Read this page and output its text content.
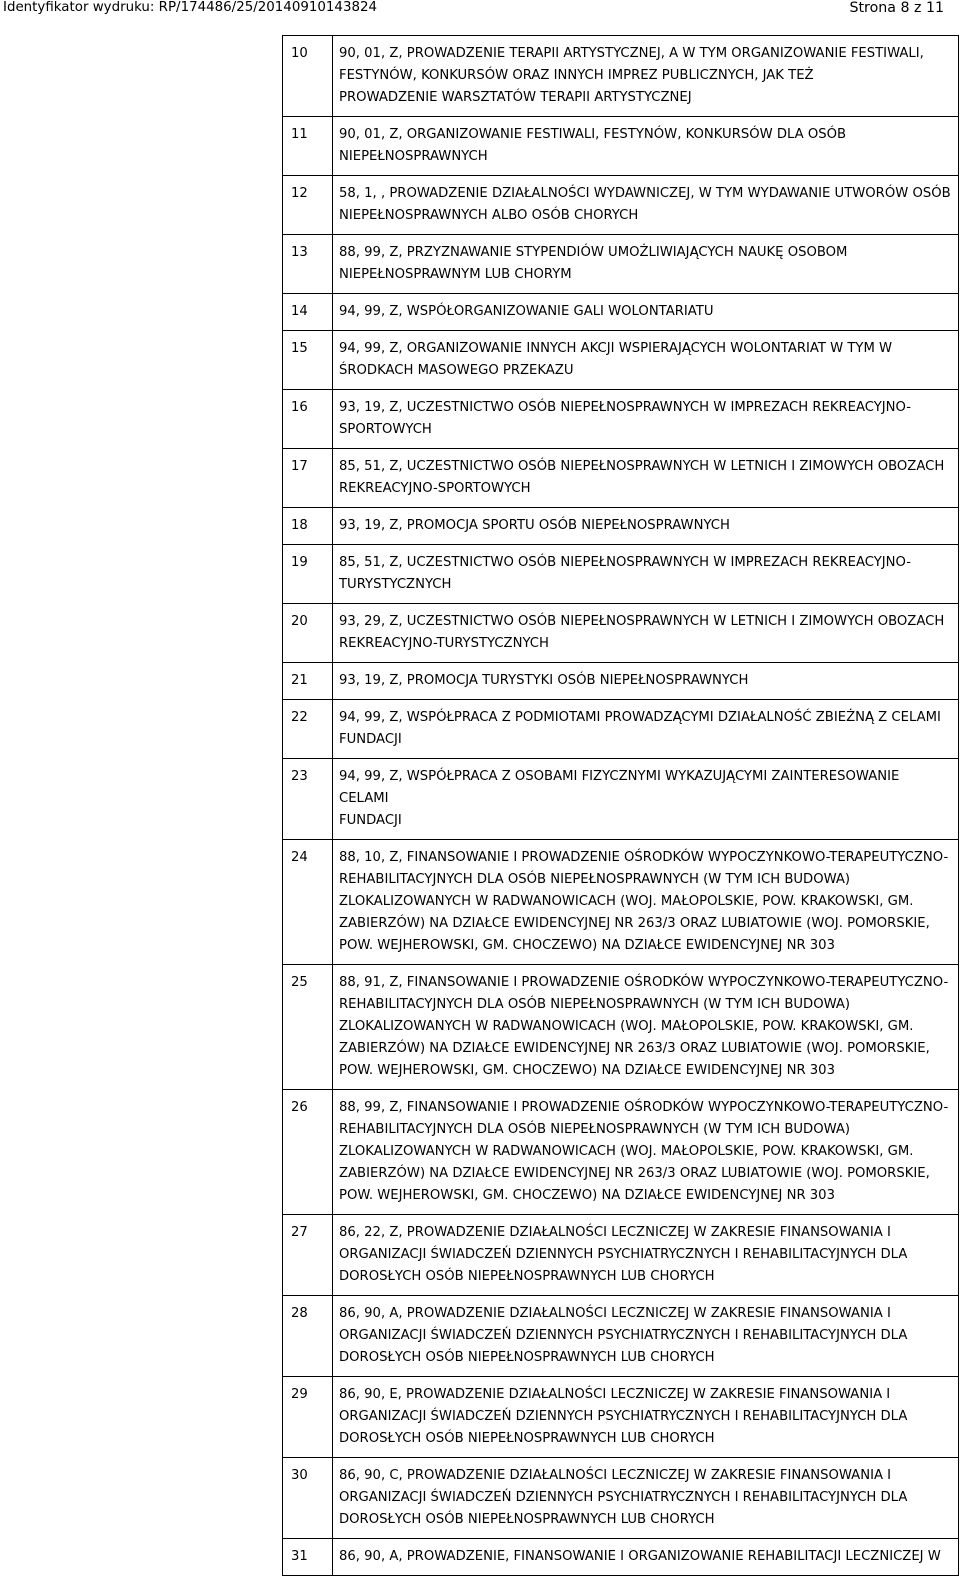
Identyfikator wydruku: RP/174486/25/20140910143824	Strona 8 z 11
10	90, 01, Z, PROWADZENIE TERAPII ARTYSTYCZNEJ, A W TYM ORGANIZOWANIE FESTIWALI,
FESTYNÓW, KONKURSÓW ORAZ INNYCH IMPREZ PUBLICZNYCH, JAK TEŻ
PROWADZENIE WARSZTATÓW TERAPII ARTYSTYCZNEJ

11	90, 01, Z, ORGANIZOWANIE FESTIWALI, FESTYNÓW, KONKURSÓW DLA OSÓB
NIEPEŁNOSPRAWNYCH

12	58, 1, , PROWADZENIE DZIAŁALNOŚCI WYDAWNICZEJ, W TYM WYDAWANIE UTWORÓW OSÓB
NIEPEŁNOSPRAWNYCH ALBO OSÓB CHORYCH

13	88, 99, Z, PRZYZNAWANIE STYPENDIÓW UMOŻLIWIAJĄCYCH NAUKĘ OSOBOM
NIEPEŁNOSPRAWNYM LUB CHORYM

14	94, 99, Z, WSPÓŁORGANIZOWANIE GALI WOLONTARIATU

15	94, 99, Z, ORGANIZOWANIE INNYCH AKCJI WSPIERAJĄCYCH WOLONTARIAT W TYM W
ŚRODKACH MASOWEGO PRZEKAZU

16	93, 19, Z, UCZESTNICTWO OSÓB NIEPEŁNOSPRAWNYCH W IMPREZACH REKREACYJNO-
SPORTOWYCH

17	85, 51, Z, UCZESTNICTWO OSÓB NIEPEŁNOSPRAWNYCH W LETNICH I ZIMOWYCH OBOZACH
REKREACYJNO-SPORTOWYCH

18	93, 19, Z, PROMOCJA SPORTU OSÓB NIEPEŁNOSPRAWNYCH

19	85, 51, Z, UCZESTNICTWO OSÓB NIEPEŁNOSPRAWNYCH W IMPREZACH REKREACYJNO-
TURYSTYCZNYCH

20	93, 29, Z, UCZESTNICTWO OSÓB NIEPEŁNOSPRAWNYCH W LETNICH I ZIMOWYCH OBOZACH
REKREACYJNO-TURYSTYCZNYCH

21	93, 19, Z, PROMOCJA TURYSTYKI OSÓB NIEPEŁNOSPRAWNYCH

22	94, 99, Z, WSPÓŁPRACA Z PODMIOTAMI PROWADZĄCYMI DZIAŁALNOŚĆ ZBIEŻNĄ Z CELAMI
FUNDACJI

23	94, 99, Z, WSPÓŁPRACA Z OSOBAMI FIZYCZNYMI WYKAZUJĄCYMI ZAINTERESOWANIE CELAMI
FUNDACJI

24	88, 10, Z, FINANSOWANIE I PROWADZENIE OŚRODKÓW WYPOCZYNKOWO-TERAPEUTYCZNO-
REHABILITACYJNYCH DLA OSÓB NIEPEŁNOSPRAWNYCH (W TYM ICH BUDOWA)
ZLOKALIZOWANYCH W RADWANOWICACH (WOJ. MAŁOPOLSKIE, POW. KRAKOWSKI, GM.
ZABIERZÓW) NA DZIAŁCE EWIDENCYJNEJ NR 263/3 ORAZ LUBIATOWIE (WOJ. POMORSKIE,
POW. WEJHEROWSKI, GM. CHOCZEWO) NA DZIAŁCE EWIDENCYJNEJ NR 303

25	88, 91, Z, FINANSOWANIE I PROWADZENIE OŚRODKÓW WYPOCZYNKOWO-TERAPEUTYCZNO-
REHABILITACYJNYCH DLA OSÓB NIEPEŁNOSPRAWNYCH (W TYM ICH BUDOWA)
ZLOKALIZOWANYCH W RADWANOWICACH (WOJ. MAŁOPOLSKIE, POW. KRAKOWSKI, GM.
ZABIERZÓW) NA DZIAŁCE EWIDENCYJNEJ NR 263/3 ORAZ LUBIATOWIE (WOJ. POMORSKIE,
POW. WEJHEROWSKI, GM. CHOCZEWO) NA DZIAŁCE EWIDENCYJNEJ NR 303

26	88, 99, Z, FINANSOWANIE I PROWADZENIE OŚRODKÓW WYPOCZYNKOWO-TERAPEUTYCZNO-
REHABILITACYJNYCH DLA OSÓB NIEPEŁNOSPRAWNYCH (W TYM ICH BUDOWA)
ZLOKALIZOWANYCH W RADWANOWICACH (WOJ. MAŁOPOLSKIE, POW. KRAKOWSKI, GM.
ZABIERZÓW) NA DZIAŁCE EWIDENCYJNEJ NR 263/3 ORAZ LUBIATOWIE (WOJ. POMORSKIE,
POW. WEJHEROWSKI, GM. CHOCZEWO) NA DZIAŁCE EWIDENCYJNEJ NR 303

27	86, 22, Z, PROWADZENIE DZIAŁALNOŚCI LECZNICZEJ W ZAKRESIE FINANSOWANIA I
ORGANIZACJI ŚWIADCZEŃ DZIENNYCH PSYCHIATRYCZNYCH I REHABILITACYJNYCH DLA
DOROSŁYCH OSÓB NIEPEŁNOSPRAWNYCH LUB CHORYCH

28	86, 90, A, PROWADZENIE DZIAŁALNOŚCI LECZNICZEJ W ZAKRESIE FINANSOWANIA I
ORGANIZACJI ŚWIADCZEŃ DZIENNYCH PSYCHIATRYCZNYCH I REHABILITACYJNYCH DLA
DOROSŁYCH OSÓB NIEPEŁNOSPRAWNYCH LUB CHORYCH

29	86, 90, E, PROWADZENIE DZIAŁALNOŚCI LECZNICZEJ W ZAKRESIE FINANSOWANIA I
ORGANIZACJI ŚWIADCZEŃ DZIENNYCH PSYCHIATRYCZNYCH I REHABILITACYJNYCH DLA
DOROSŁYCH OSÓB NIEPEŁNOSPRAWNYCH LUB CHORYCH

30	86, 90, C, PROWADZENIE DZIAŁALNOŚCI LECZNICZEJ W ZAKRESIE FINANSOWANIA I
ORGANIZACJI ŚWIADCZEŃ DZIENNYCH PSYCHIATRYCZNYCH I REHABILITACYJNYCH DLA
DOROSŁYCH OSÓB NIEPEŁNOSPRAWNYCH LUB CHORYCH

31	86, 90, A, PROWADZENIE, FINANSOWANIE I ORGANIZOWANIE REHABILITACJI LECZNICZEJ W
